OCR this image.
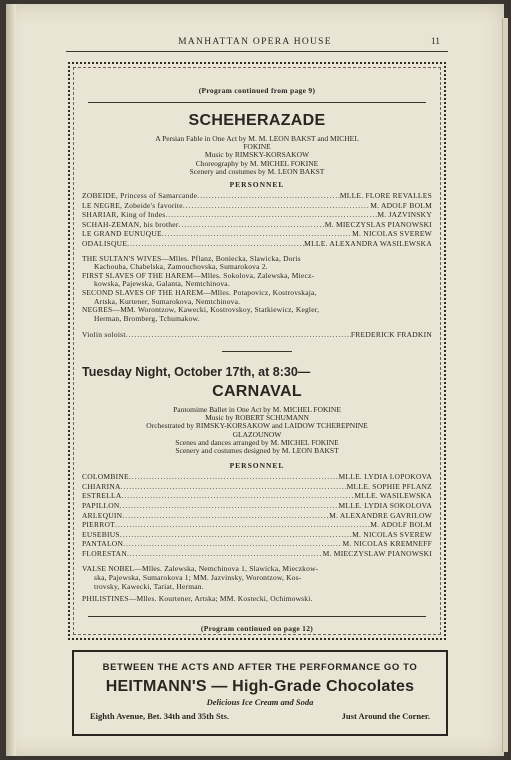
MANHATTAN OPERA HOUSE	11
(Program continued from page 9)
SCHEHERAZADE
A Persian Fable in One Act by M. M. LEON BAKST and MICHEL
FOKINE
Music by RIMSKY-KORSAKOW
Choreography by M. MICHEL FOKINE
Scenery and costumes by M. LEON BAKST
PERSONNEL
ZOBEIDE, Princess of Samarcande .....	MLLE. FLORE REVALLES
LE NEGRE, Zobeide's favorite .....	M. ADOLF BOLM
SHARIAR, King of Indes .....	M. JAZVINSKY
SCHAH-ZEMAN, his brother .....	M. MIECZYSLAS PIANOWSKI
LE GRAND EUNUQUE .....	M. NICOLAS SVEREW
ODALISQUE .....	MLLE. ALEXANDRA WASILEWSKA
THE SULTAN'S WIVES—Mlles. Pflanz, Boniecka, Slawicka, Doris
Kachouba, Chabelska, Zamouchovska, Sumarokova 2.
FIRST SLAVES OF THE HAREM—Mlles. Sokolova, Zalewska, Miecz-
kowska, Pajewska, Galanta, Nemtchinova.
SECOND SLAVES OF THE HAREM—Mlles. Potapovicz, Kostrovskaja,
Artska, Kurtener, Sumarokova, Nemtchinova.
NEGRES—MM. Worontzow, Kawecki, Kostrovskoy, Statkiewicz, Kegler,
Herman, Bromberg, Tchumakow.
Violin soloist .....	FREDERICK FRADKIN
Tuesday Night, October 17th, at 8:30—
CARNAVAL
Pantomime Ballet in One Act by M. MICHEL FOKINE
Music by ROBERT SCHUMANN
Orchestrated by RIMSKY-KORSAKOW and LAIDOW TCHEREPNINE
GLAZOUNOW
Scenes and dances arranged by M. MICHEL FOKINE
Scenery and costumes designed by M. LEON BAKST
PERSONNEL
COLOMBINE .....	MLLE. LYDIA LOPOKOVA
CHIARINA .....	MLLE. SOPHIE PFLANZ
ESTRELLA .....	MLLE. WASILEWSKA
PAPILLON .....	MLLE. LYDIA SOKOLOVA
ARLEQUIN .....	M. ALEXANDRE GAVRILOW
PIERROT .....	M. ADOLF BOLM
EUSEBIUS .....	M. NICOLAS SVEREW
PANTALON .....	M. NICOLAS KREMNEFF
FLORESTAN .....	M. MIECZYSLAW PIANOWSKI
VALSE NOBEL—Mlles. Zalewska, Nemchinova 1, Slawicka, Mieczkow-
ska, Pajewska, Sumarokova 1; MM. Jazvinsky, Worontzow, Kos-
trovsky, Kawecki, Tariat, Herman.
PHILISTINES—Mlles. Kourtener, Artska; MM. Kostecki, Ochimowski.
(Program continued on page 12)
BETWEEN THE ACTS AND AFTER THE PERFORMANCE GO TO
HEITMANN'S — High-Grade Chocolates
Delicious Ice Cream and Soda
Eighth Avenue, Bet. 34th and 35th Sts.	Just Around the Corner.
